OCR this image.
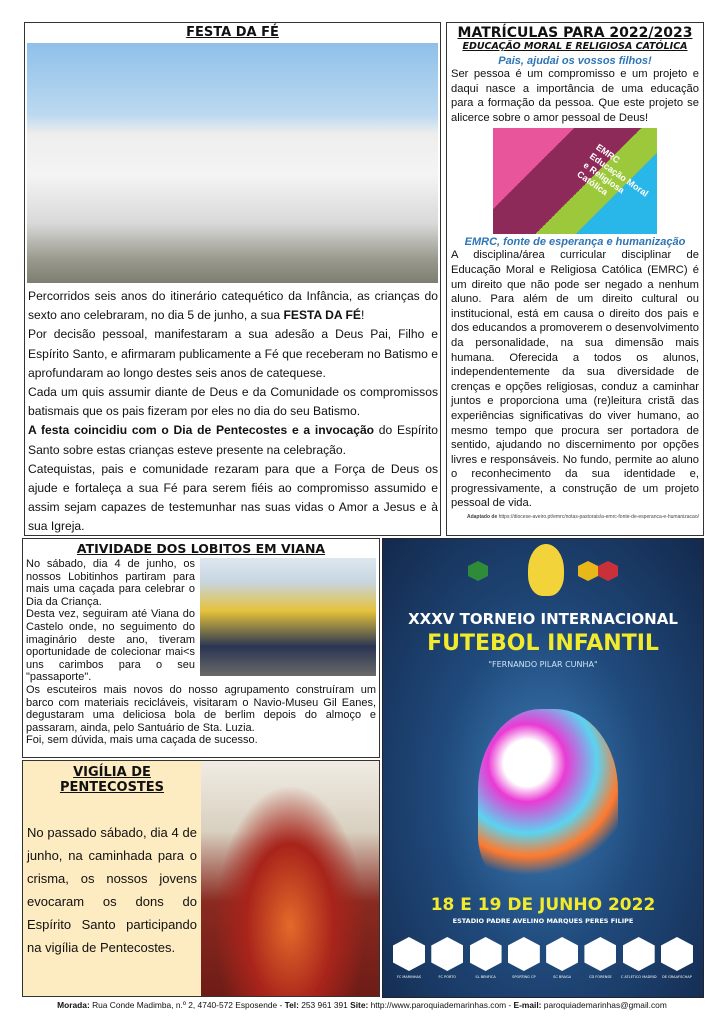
FESTA DA FÉ
Percorridos seis anos do itinerário catequético da Infância, as crianças do sexto ano celebraram, no dia 5 de junho, a sua FESTA DA FÉ!
Por decisão pessoal, manifestaram a sua adesão a Deus Pai, Filho e Espírito Santo, e afirmaram publicamente a Fé que receberam no Batismo e aprofundaram ao longo destes seis anos de catequese.
Cada um quis assumir diante de Deus e da Comunidade os compromissos batismais que os pais fizeram por eles no dia do seu Batismo.
A festa coincidiu com o Dia de Pentecostes e a invocação do Espírito Santo sobre estas crianças esteve presente na celebração.
Catequistas, pais e comunidade rezaram para que a Força de Deus os ajude e fortaleça a sua Fé para serem fiéis ao compromisso assumido e assim sejam capazes de testemunhar nas suas vidas o Amor a Jesus e à sua Igreja.
MATRÍCULAS PARA 2022/2023
EDUCAÇÃO MORAL E RELIGIOSA CATÓLICA
Pais, ajudai os vossos filhos!
Ser pessoa é um compromisso e um projeto e daqui nasce a importância de uma educação para a formação da pessoa. Que este projeto se alicerce sobre o amor pessoal de Deus!
EMRC Educação Moral e Religiosa Católica
EMRC, fonte de esperança e humanização
A disciplina/área curricular disciplinar de Educação Moral e Religiosa Católica (EMRC) é um direito que não pode ser negado a nenhum aluno. Para além de um direito cultural ou institucional, está em causa o direito dos pais e dos educandos a promoverem o desenvolvimento da personalidade, na sua dimensão mais humana. Oferecida a todos os alunos, independentemente da sua diversidade de crenças e opções religiosas, conduz a caminhar juntos e proporciona uma (re)leitura cristã das experiências significativas do viver humano, ao mesmo tempo que procura ser portadora de sentido, ajudando no discernimento por opções livres e responsáveis. No fundo, permite ao aluno o reconhecimento da sua identidade e, progressivamente, a construção de um projeto pessoal de vida.
Adaptado de https://diocese-aveiro.pt/emrc/notas-pastorais/a-emrc-fonte-de-esperanca-e-humanizacao/
ATIVIDADE DOS LOBITOS EM VIANA
No sábado, dia 4 de junho, os nossos Lobitinhos partiram para mais uma caçada para celebrar o Dia da Criança.
Desta vez, seguiram até Viana do Castelo onde, no seguimento do imaginário deste ano, tiveram oportunidade de colecionar mai<s uns carimbos para o seu "passaporte".
Os escuteiros mais novos do nosso agrupamento construíram um barco com materiais recicláveis, visitaram o Navio-Museu Gil Eanes, degustaram uma deliciosa bola de berlim depois do almoço e passaram, ainda, pelo Santuário de Sta. Luzia.
Foi, sem dúvida, mais uma caçada de sucesso.
VIGÍLIA DE PENTECOSTES
No passado sábado, dia 4 de junho, na caminhada para o crisma, os nossos jovens evocaram os dons do Espírito Santo participando na vigília de Pentecostes.
XXXV TORNEIO INTERNACIONAL
FUTEBOL INFANTIL
"FERNANDO PILAR CUNHA"
18 E 19 DE JUNHO 2022
ESTADIO PADRE AVELINO MARQUES PERES FILIPE
FC MARINHAS	FC PORTO	SL BENFICA	SPORTING CP	SC BRAGA	CD FORENSE	C ATLETICO MADRID	DE GRAAFSCHAP
Morada: Rua Conde Madimba, n.º 2, 4740-572 Esposende - Tel: 253 961 391 Site: http://www.paroquiademarinhas.com - E-mail: paroquiademarinhas@gmail.com
